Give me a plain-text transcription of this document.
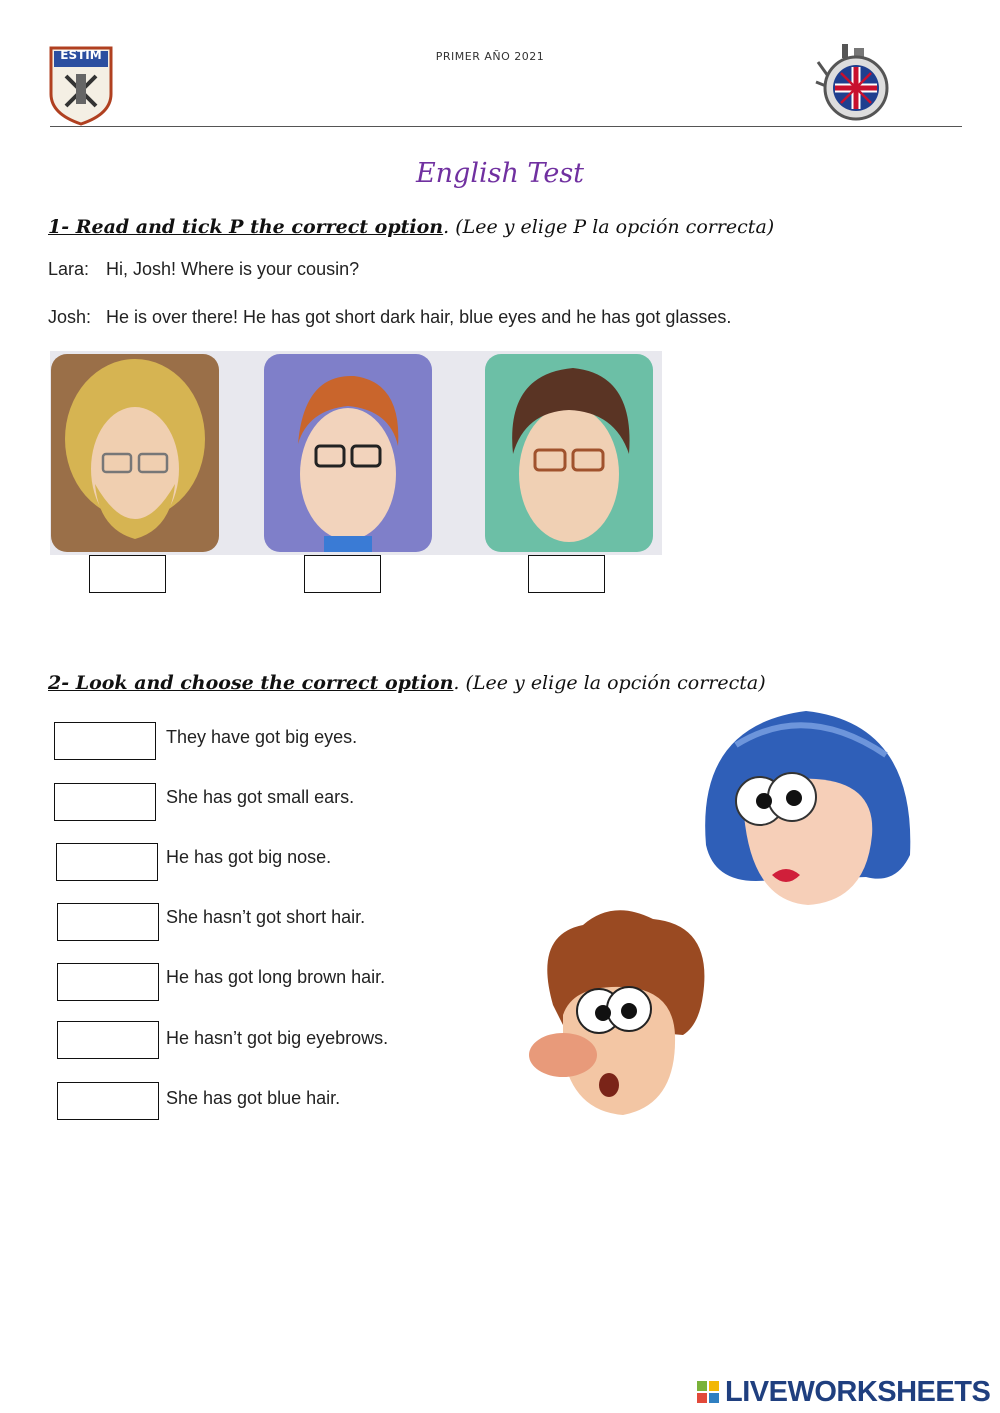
ESTIM	PRIMER AÑO 2021
English Test
1- Read and tick P the correct option. (Lee y elige P la opción correcta)
Lara: Hi, Josh! Where is your cousin?
Josh: He is over there! He has got short dark hair, blue eyes and he has got glasses.
2- Look and choose the correct option. (Lee y elige la opción correcta)
They have got big eyes.
She has got small ears.
He has got big nose.
She hasn’t got short hair.
He has got long brown hair.
He hasn’t got big eyebrows.
She has got blue hair.
LIVEWORKSHEETS
